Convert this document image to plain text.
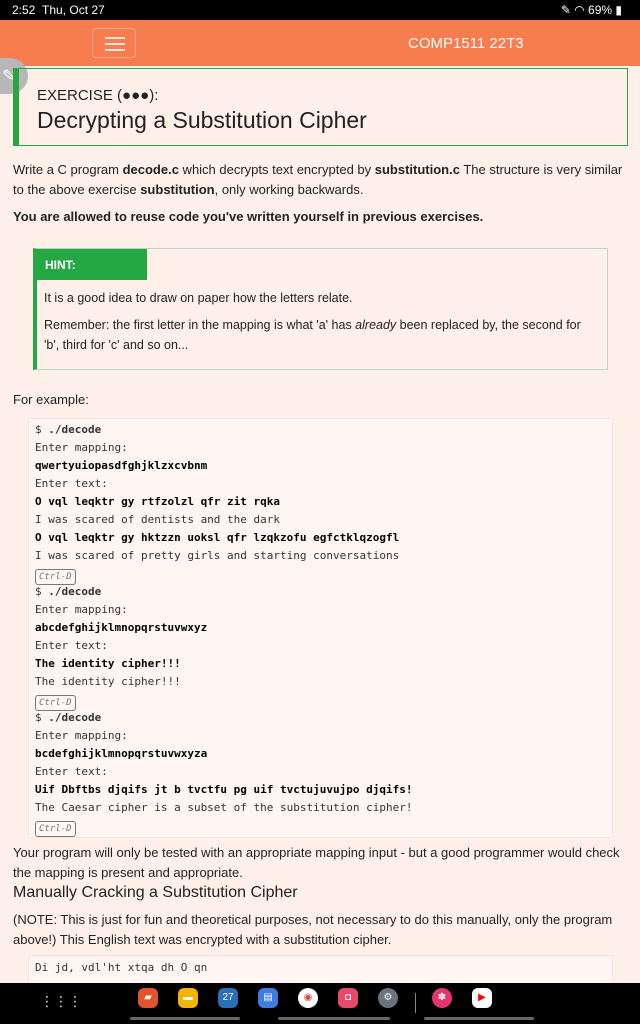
2:52 Thu, Oct 27	✎ ◠ 69% ▮
COMP1511 22T3
✎
EXERCISE (●●●):
Decrypting a Substitution Cipher
Write a C program decode.c which decrypts text encrypted by substitution.c The structure is very similar to the above exercise substitution, only working backwards.
You are allowed to reuse code you've written yourself in previous exercises.
HINT:
It is a good idea to draw on paper how the letters relate.
Remember: the first letter in the mapping is what 'a' has already been replaced by, the second for 'b', third for 'c' and so on...
For example:
$ ./decode
Enter mapping:
qwertyuiopasdfghjklzxcvbnm
Enter text:
O vql leqktr gy rtfzolzl qfr zit rqka
I was scared of dentists and the dark
O vql leqktr gy hktzzn uoksl qfr lzqkzofu egfctklqzogfl
I was scared of pretty girls and starting conversations
Ctrl-D
$ ./decode
Enter mapping:
abcdefghijklmnopqrstuvwxyz
Enter text:
The identity cipher!!!
The identity cipher!!!
Ctrl-D
$ ./decode
Enter mapping:
bcdefghijklmnopqrstuvwxyza
Enter text:
Uif Dbftbs djqifs jt b tvctfu pg uif tvctujuvujpo djqifs!
The Caesar cipher is a subset of the substitution cipher!
Ctrl-D
Your program will only be tested with an appropriate mapping input - but a good programmer would check the mapping is present and appropriate.
Manually Cracking a Substitution Cipher
(NOTE: This is just for fun and theoretical purposes, not necessary to do this manually, only the program above!) This English text was encrypted with a substitution cipher.
Di jd, vdl'ht xtqa dh O qn
⋮⋮⋮	▰	▬	27	▤	◉	◘	⚙	✽	▶
